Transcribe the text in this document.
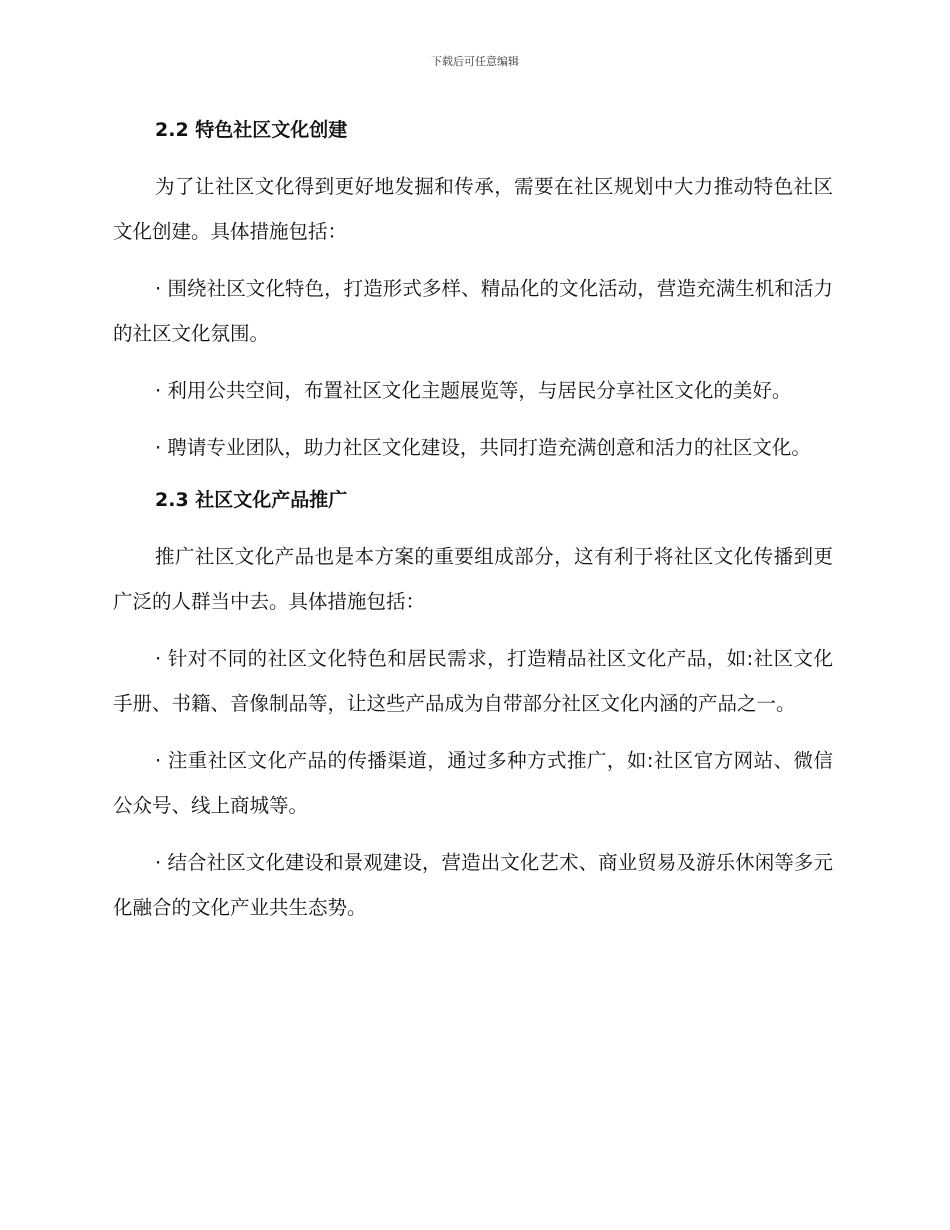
下载后可任意编辑
2.2 特色社区文化创建

为了让社区文化得到更好地发掘和传承，需要在社区规划中大力推动特色社区文化创建。具体措施包括：

· 围绕社区文化特色，打造形式多样、精品化的文化活动，营造充满生机和活力的社区文化氛围。

· 利用公共空间，布置社区文化主题展览等，与居民分享社区文化的美好。

· 聘请专业团队，助力社区文化建设，共同打造充满创意和活力的社区文化。

2.3 社区文化产品推广

推广社区文化产品也是本方案的重要组成部分，这有利于将社区文化传播到更广泛的人群当中去。具体措施包括：

· 针对不同的社区文化特色和居民需求，打造精品社区文化产品，如:社区文化手册、书籍、音像制品等，让这些产品成为自带部分社区文化内涵的产品之一。

· 注重社区文化产品的传播渠道，通过多种方式推广，如:社区官方网站、微信公众号、线上商城等。

· 结合社区文化建设和景观建设，营造出文化艺术、商业贸易及游乐休闲等多元化融合的文化产业共生态势。
